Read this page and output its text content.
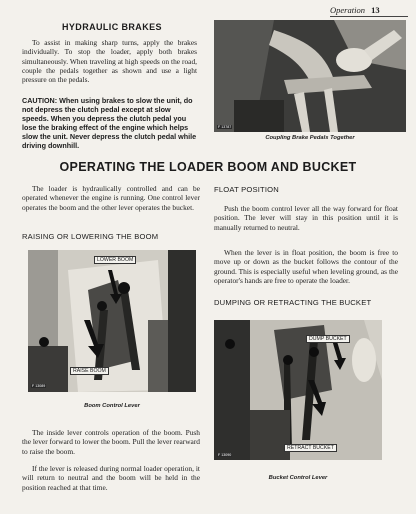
Operation 13
HYDRAULIC BRAKES

To assist in making sharp turns, apply the brakes individually. To stop the loader, apply both brakes simultaneously. When traveling at high speeds on the road, couple the pedals together as shown and use a light pressure on the pedals.

CAUTION: When using brakes to slow the unit, do not depress the clutch pedal except at slow speeds. When you depress the clutch pedal you lose the braking effect of the engine which helps slow the unit. Never depress the clutch pedal while driving downhill.

F 13787
Coupling Brake Pedals Together
OPERATING THE LOADER BOOM AND BUCKET

The loader is hydraulically controlled and can be operated whenever the engine is running. One control lever operates the boom and the other lever operates the bucket.

RAISING OR LOWERING THE BOOM
LOWER BOOM
RAISE BOOM
F 13089
Boom Control Lever

The inside lever controls operation of the boom. Push the lever forward to lower the boom. Pull the lever rearward to raise the boom.

If the lever is released during normal loader operation, it will return to neutral and the boom will be held in the position reached at that time.

FLOAT POSITION

Push the boom control lever all the way forward for float position. The lever will stay in this position until it is manually returned to neutral.

When the lever is in float position, the boom is free to move up or down as the bucket follows the contour of the ground. This is especially useful when leveling ground, as the operator's hands are free to operate the loader.

DUMPING OR RETRACTING THE BUCKET
DUMP BUCKET
RETRACT BUCKET
F 13090
Bucket Control Lever
